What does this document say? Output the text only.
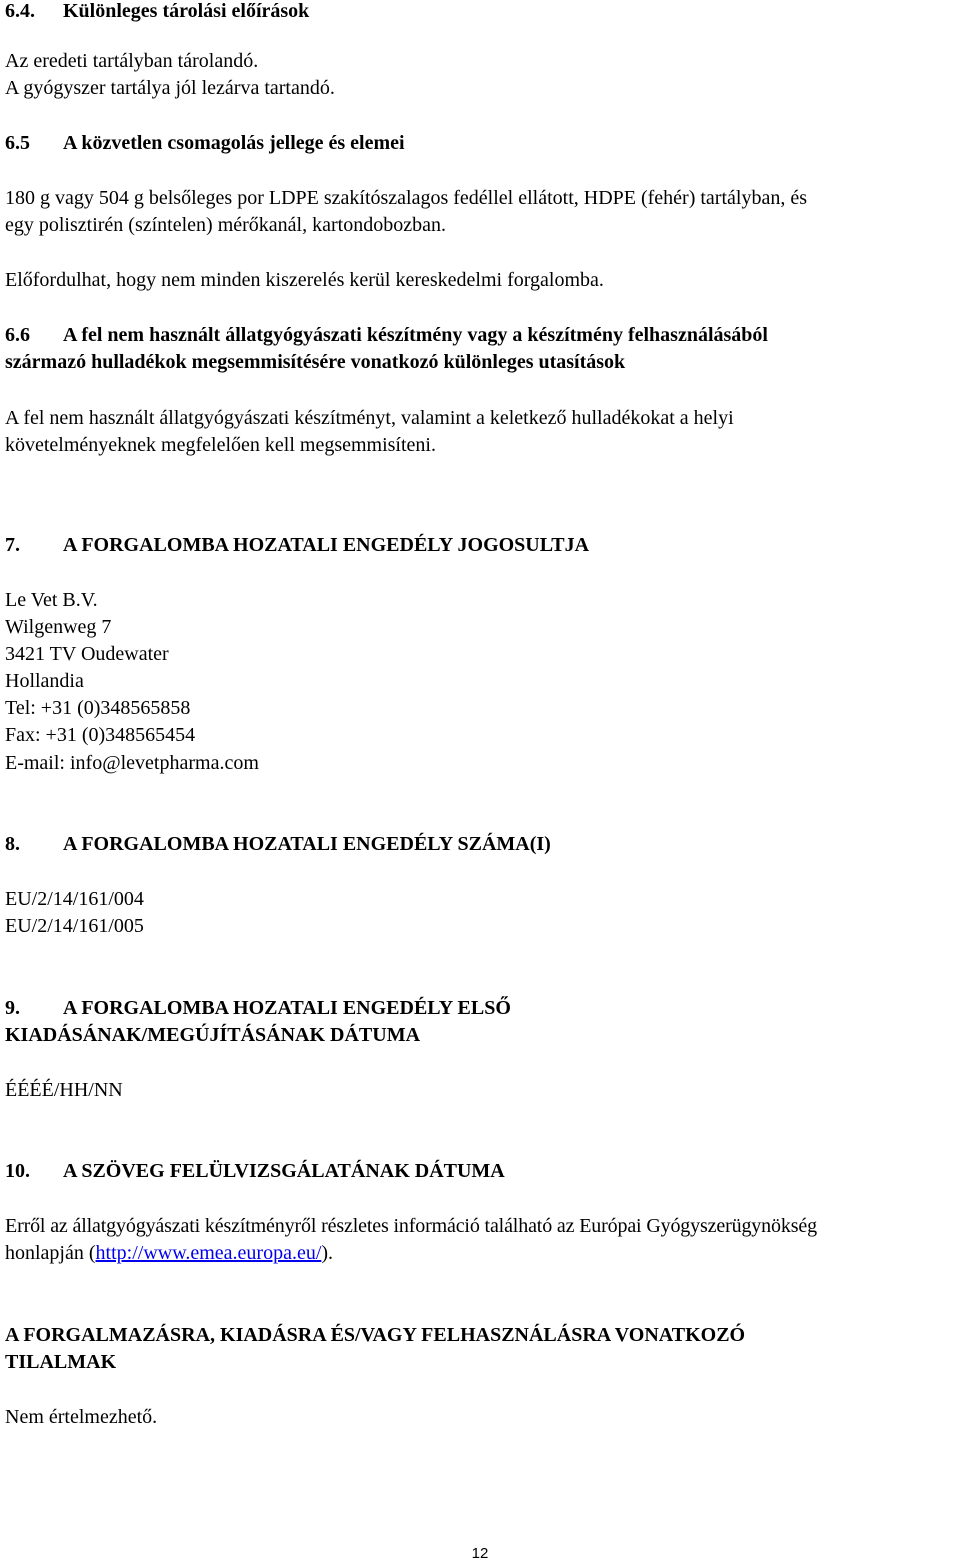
6.4. Különleges tárolási előírások
Az eredeti tartályban tárolandó.
A gyógyszer tartálya jól lezárva tartandó.
6.5 A közvetlen csomagolás jellege és elemei
180 g vagy 504 g belsőleges por LDPE szakítószalagos fedéllel ellátott, HDPE (fehér) tartályban, és
egy polisztirén (színtelen) mérőkanál, kartondobozban.
Előfordulhat, hogy nem minden kiszerelés kerül kereskedelmi forgalomba.
6.6 A fel nem használt állatgyógyászati készítmény vagy a készítmény felhasználásából
származó hulladékok megsemmisítésére vonatkozó különleges utasítások
A fel nem használt állatgyógyászati készítményt, valamint a keletkező hulladékokat a helyi
követelményeknek megfelelően kell megsemmisíteni.
7. A FORGALOMBA HOZATALI ENGEDÉLY JOGOSULTJA
Le Vet B.V.
Wilgenweg 7
3421 TV Oudewater
Hollandia
Tel: +31 (0)348565858
Fax: +31 (0)348565454
E-mail: info@levetpharma.com
8. A FORGALOMBA HOZATALI ENGEDÉLY SZÁMA(I)
EU/2/14/161/004
EU/2/14/161/005
9. A FORGALOMBA HOZATALI ENGEDÉLY ELSŐ
KIADÁSÁNAK/MEGÚJÍTÁSÁNAK DÁTUMA
ÉÉÉÉ/HH/NN
10. A SZÖVEG FELÜLVIZSGÁLATÁNAK DÁTUMA
Erről az állatgyógyászati készítményről részletes információ található az Európai Gyógyszerügynökség
honlapján (http://www.emea.europa.eu/).
A FORGALMAZÁSRA, KIADÁSRA ÉS/VAGY FELHASZNÁLÁSRA VONATKOZÓ
TILALMAK
Nem értelmezhető.
12
